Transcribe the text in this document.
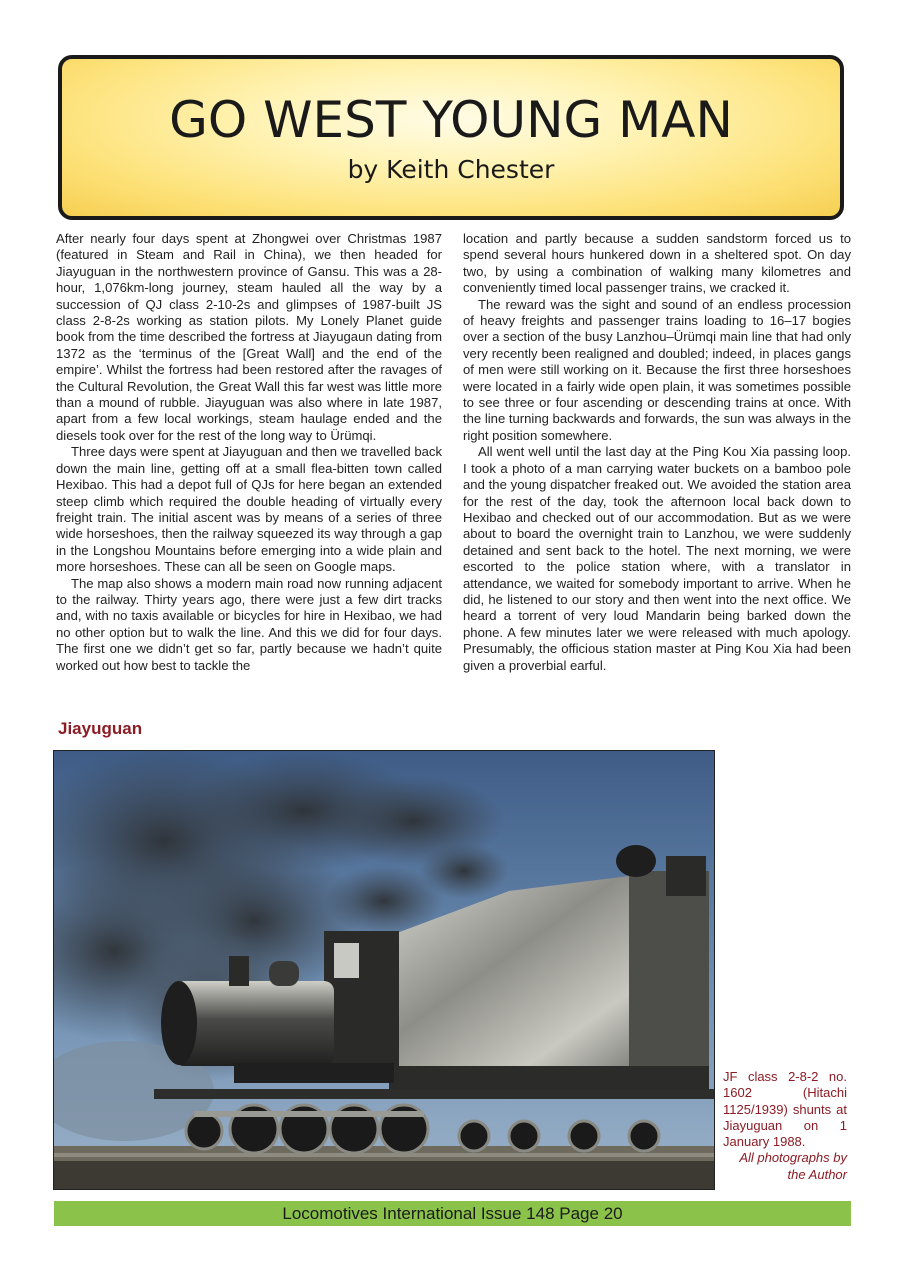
GO WEST YOUNG MAN
by Keith Chester

After nearly four days spent at Zhongwei over Christmas 1987 (featured in Steam and Rail in China), we then headed for Jiayuguan in the northwestern province of Gansu. This was a 28-hour, 1,076km-long journey, steam hauled all the way by a succession of QJ class 2-10-2s and glimpses of 1987-built JS class 2-8-2s working as station pilots. My Lonely Planet guide book from the time described the fortress at Jiayugaun dating from 1372 as the ‘terminus of the [Great Wall] and the end of the empire’. Whilst the fortress had been restored after the ravages of the Cultural Revolution, the Great Wall this far west was little more than a mound of rubble. Jiayuguan was also where in late 1987, apart from a few local workings, steam haulage ended and the diesels took over for the rest of the long way to Ürümqi.

Three days were spent at Jiayuguan and then we travelled back down the main line, getting off at a small flea-bitten town called Hexibao. This had a depot full of QJs for here began an extended steep climb which required the double heading of virtually every freight train. The initial ascent was by means of a series of three wide horseshoes, then the railway squeezed its way through a gap in the Longshou Mountains before emerging into a wide plain and more horseshoes. These can all be seen on Google maps.

The map also shows a modern main road now running adjacent to the railway. Thirty years ago, there were just a few dirt tracks and, with no taxis available or bicycles for hire in Hexibao, we had no other option but to walk the line. And this we did for four days. The first one we didn’t get so far, partly because we hadn’t quite worked out how best to tackle the

location and partly because a sudden sandstorm forced us to spend several hours hunkered down in a sheltered spot. On day two, by using a combination of walking many kilometres and conveniently timed local passenger trains, we cracked it.

The reward was the sight and sound of an endless procession of heavy freights and passenger trains loading to 16–17 bogies over a section of the busy Lanzhou–Ürümqi main line that had only very recently been realigned and doubled; indeed, in places gangs of men were still working on it. Because the first three horseshoes were located in a fairly wide open plain, it was sometimes possible to see three or four ascending or descending trains at once. With the line turning backwards and forwards, the sun was always in the right position somewhere.

All went well until the last day at the Ping Kou Xia passing loop. I took a photo of a man carrying water buckets on a bamboo pole and the young dispatcher freaked out. We avoided the station area for the rest of the day, took the afternoon local back down to Hexibao and checked out of our accommodation. But as we were about to board the overnight train to Lanzhou, we were suddenly detained and sent back to the hotel. The next morning, we were escorted to the police station where, with a translator in attendance, we waited for somebody important to arrive. When he did, he listened to our story and then went into the next office. We heard a torrent of very loud Mandarin being barked down the phone. A few minutes later we were released with much apology. Presumably, the officious station master at Ping Kou Xia had been given a proverbial earful.

Jiayuguan
JF class 2-8-2 no. 1602 (Hitachi 1125/1939) shunts at Jiayuguan on 1 January 1988.
All photographs by the Author
Locomotives International Issue 148 Page 20
